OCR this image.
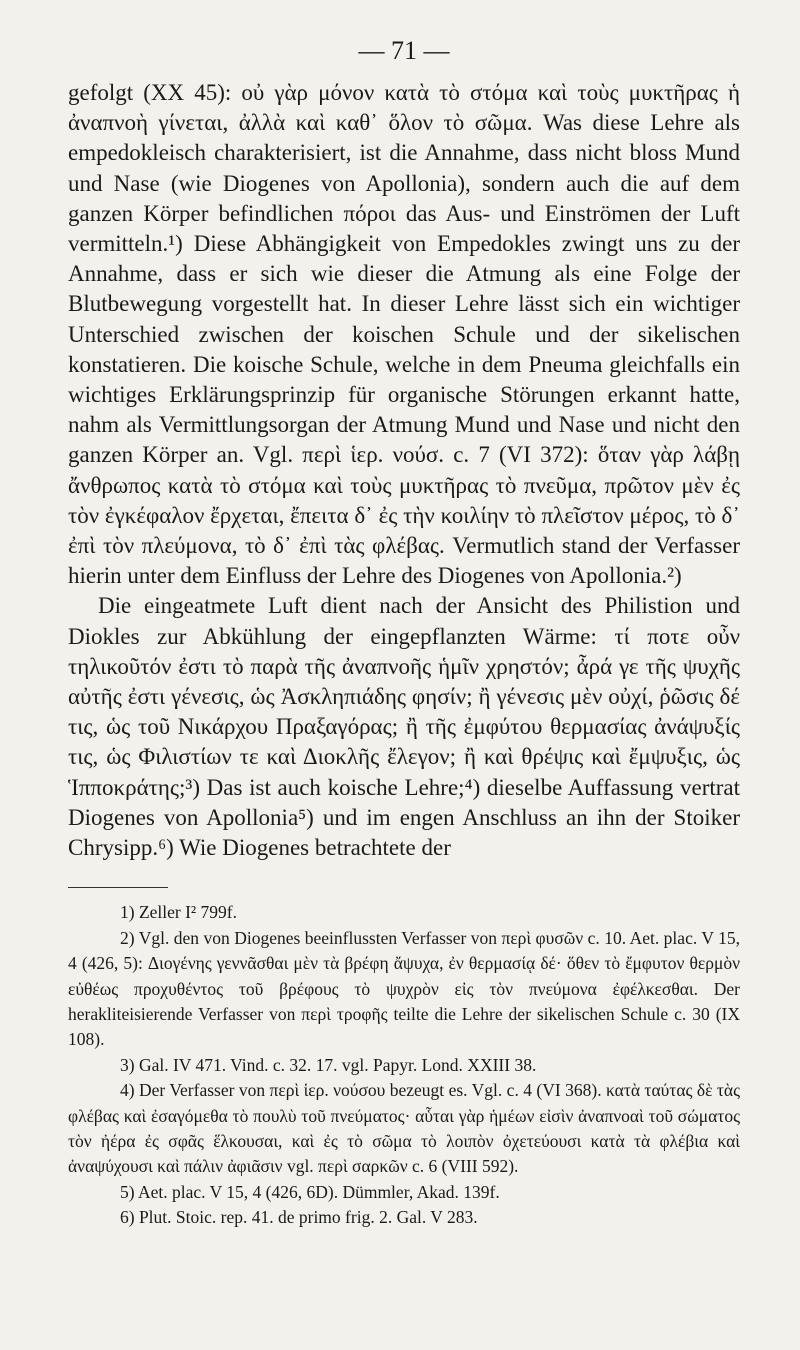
— 71 —

gefolgt (XX 45): οὐ γὰρ μόνον κατὰ τὸ στόμα καὶ τοὺς μυκτῆρας ἡ ἀναπνοὴ γίνεται, ἀλλὰ καὶ καθ᾽ ὅλον τὸ σῶμα. Was diese Lehre als empedokleisch charakterisiert, ist die Annahme, dass nicht bloss Mund und Nase (wie Diogenes von Apollonia), sondern auch die auf dem ganzen Körper befindlichen πόροι das Aus- und Einströmen der Luft vermitteln.¹) Diese Abhängigkeit von Empedokles zwingt uns zu der Annahme, dass er sich wie dieser die Atmung als eine Folge der Blutbewegung vorgestellt hat. In dieser Lehre lässt sich ein wichtiger Unterschied zwischen der koischen Schule und der sikelischen konstatieren. Die koische Schule, welche in dem Pneuma gleichfalls ein wichtiges Erklärungsprinzip für organische Störungen erkannt hatte, nahm als Vermittlungsorgan der Atmung Mund und Nase und nicht den ganzen Körper an. Vgl. περὶ ἱερ. νούσ. c. 7 (VI 372): ὅταν γὰρ λάβῃ ἄνθρωπος κατὰ τὸ στόμα καὶ τοὺς μυκτῆρας τὸ πνεῦμα, πρῶτον μὲν ἐς τὸν ἐγκέφαλον ἔρχεται, ἔπειτα δ᾽ ἐς τὴν κοιλίην τὸ πλεῖστον μέρος, τὸ δ᾽ ἐπὶ τὸν πλεύμονα, τὸ δ᾽ ἐπὶ τὰς φλέβας. Vermutlich stand der Verfasser hierin unter dem Einfluss der Lehre des Diogenes von Apollonia.²)

Die eingeatmete Luft dient nach der Ansicht des Philistion und Diokles zur Abkühlung der eingepflanzten Wärme: τί ποτε οὖν τηλικοῦτόν ἐστι τὸ παρὰ τῆς ἀναπνοῆς ἡμῖν χρηστόν; ἆρά γε τῆς ψυχῆς αὐτῆς ἐστι γένεσις, ὡς Ἀσκληπιάδης φησίν; ἢ γένεσις μὲν οὐχί, ῥῶσις δέ τις, ὡς τοῦ Νικάρχου Πραξαγόρας; ἢ τῆς ἐμφύτου θερμασίας ἀνάψυξίς τις, ὡς Φιλιστίων τε καὶ Διοκλῆς ἔλεγον; ἢ καὶ θρέψις καὶ ἔμψυξις, ὡς Ἱπποκράτης;³) Das ist auch koische Lehre;⁴) dieselbe Auffassung vertrat Diogenes von Apollonia⁵) und im engen Anschluss an ihn der Stoiker Chrysipp.⁶) Wie Diogenes betrachtete der

1) Zeller I² 799f.

2) Vgl. den von Diogenes beeinflussten Verfasser von περὶ φυσῶν c. 10. Aet. plac. V 15, 4 (426, 5): Διογένης γεννᾶσθαι μὲν τὰ βρέφη ἄψυχα, ἐν θερμασίᾳ δέ· ὅθεν τὸ ἔμφυτον θερμὸν εὐθέως προχυθέντος τοῦ βρέφους τὸ ψυχρὸν εἰς τὸν πνεύμονα ἐφέλκεσθαι. Der herakliteisierende Verfasser von περὶ τροφῆς teilte die Lehre der sikelischen Schule c. 30 (IX 108).

3) Gal. IV 471. Vind. c. 32. 17. vgl. Papyr. Lond. XXIII 38.

4) Der Verfasser von περὶ ἱερ. νούσου bezeugt es. Vgl. c. 4 (VI 368). κατὰ ταύτας δὲ τὰς φλέβας καὶ ἐσαγόμεθα τὸ πουλὺ τοῦ πνεύματος· αὗται γὰρ ἡμέων εἰσὶν ἀναπνοαὶ τοῦ σώματος τὸν ἠέρα ἐς σφᾶς ἕλκουσαι, καὶ ἐς τὸ σῶμα τὸ λοιπὸν ὀχετεύουσι κατὰ τὰ φλέβια καὶ ἀναψύχουσι καὶ πάλιν ἀφιᾶσιν vgl. περὶ σαρκῶν c. 6 (VIII 592).

5) Aet. plac. V 15, 4 (426, 6D). Dümmler, Akad. 139f.

6) Plut. Stoic. rep. 41. de primo frig. 2. Gal. V 283.
